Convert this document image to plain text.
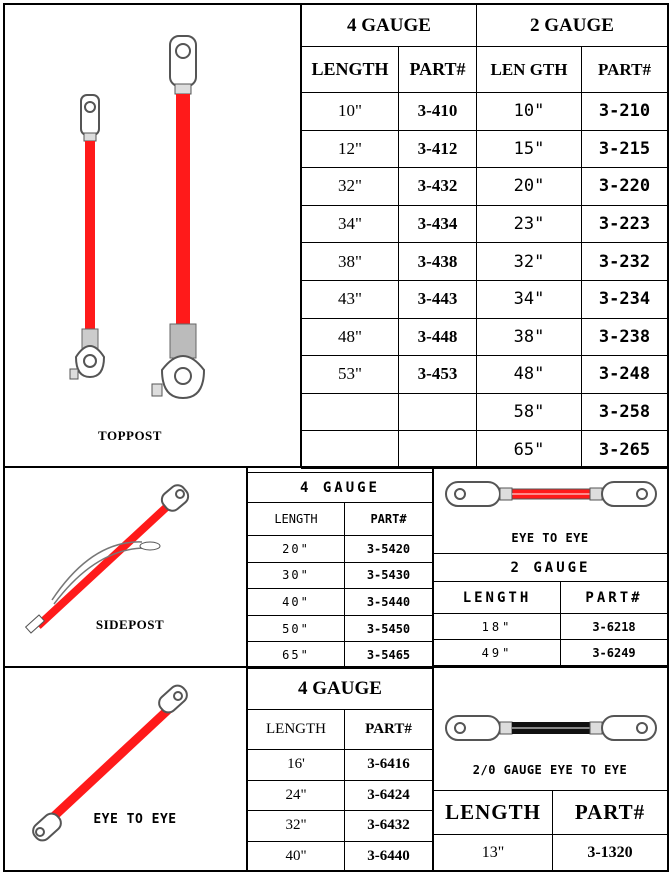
TOPPOST
4 GAUGE		2 GAUGE	
LENGTH	PART#	LEN GTH	PART#
10"	3-410	10"	3-210
12"	3-412	15"	3-215
32"	3-432	20"	3-220
34"	3-434	23"	3-223
38"	3-438	32"	3-232
43"	3-443	34"	3-234
48"	3-448	38"	3-238
53"	3-453	48"	3-248
		58"	3-258
		65"	3-265
SIDEPOST
4 GAUGE	
LENGTH	PART#
20"	3-5420
30"	3-5430
40"	3-5440
50"	3-5450
65"	3-5465
EYE TO EYE
2 GAUGE	
LENGTH	PART#
18"	3-6218
49"	3-6249
EYE TO EYE
4 GAUGE	
LENGTH	PART#
16'	3-6416
24"	3-6424
32"	3-6432
40"	3-6440
2/0 GAUGE EYE TO EYE
LENGTH	PART#
13"	3-1320
